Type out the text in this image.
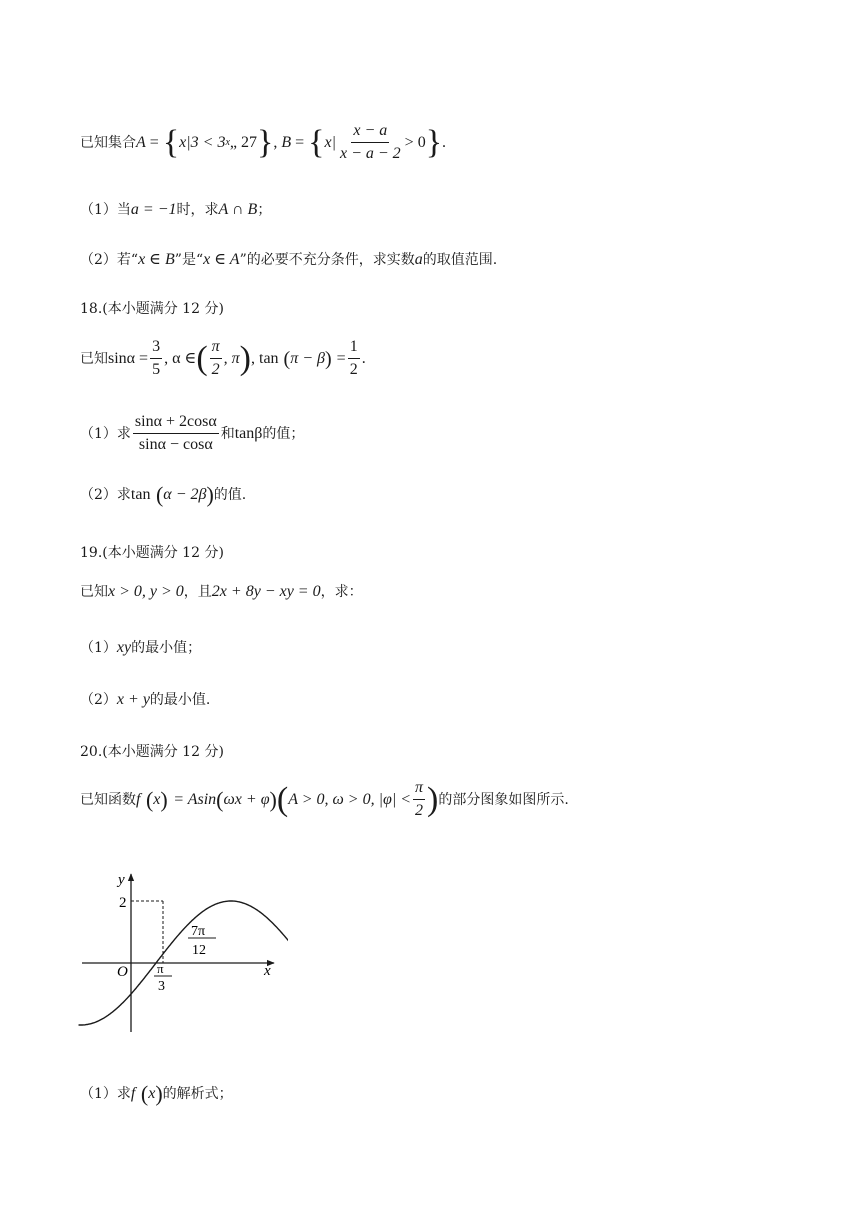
已知集合 A = { x|3 < 3 x „ 27 } , B = { $x| \frac{x - a}{x - a - 2} > 0$ } .
（1）当 a = −1 时，求 A ∩ B ；
（2）若“ x ∈ B ”是“ x ∈ A ”的必要不充分条件，求实数 a 的取值范围.
18.(本小题满分 12 分)
已知 $\sin\alpha = \frac{3}{5}$ , α ∈ ( $\frac{\pi}{2}$ , π ) , tan ( π − β ) = $\frac{1}{2}$ .
（1）求 $\frac{\sin\alpha + 2\cos\alpha}{\sin\alpha - \cos\alpha}$ 和 tanβ 的值；
（2）求 tan ( α − 2β ) 的值.
19.(本小题满分 12 分)
已知 x > 0, y > 0 ，且 2x + 8y − xy = 0 ，求：
（1） xy 的最小值；
（2） x + y 的最小值.
20.(本小题满分 12 分)
已知函数 f ( x ) = Asin ( ωx + φ ) ( A > 0, ω > 0, $|\varphi| < \frac{\pi}{2}$ ) 的部分图象如图所示.
y
x
O
2
π
3
7π
12
（1）求 f ( x ) 的解析式；
